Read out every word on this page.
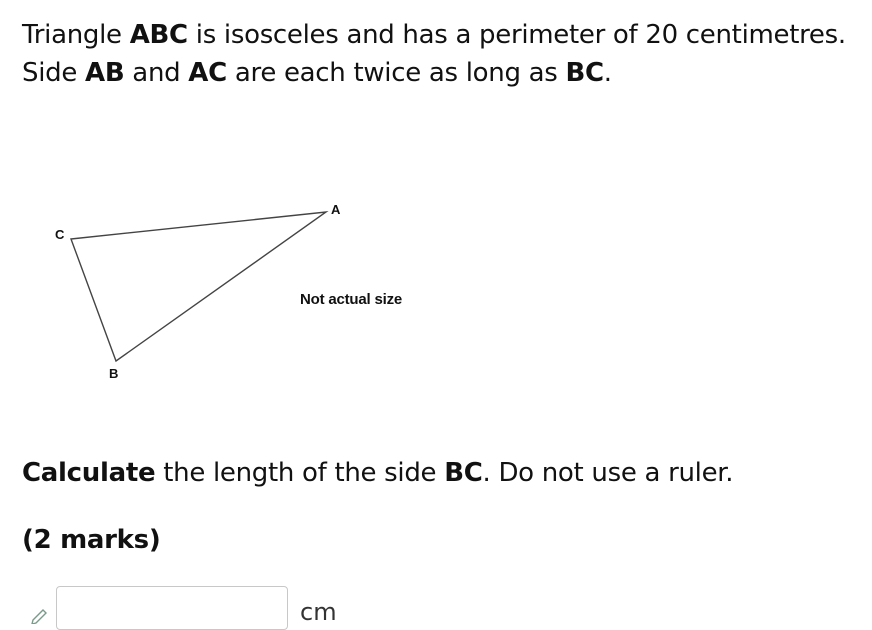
Triangle ABC is isosceles and has a perimeter of 20 centimetres.
Side AB and AC are each twice as long as BC.
A
C
B
Not actual size
Calculate the length of the side BC. Do not use a ruler.
(2 marks)
cm
